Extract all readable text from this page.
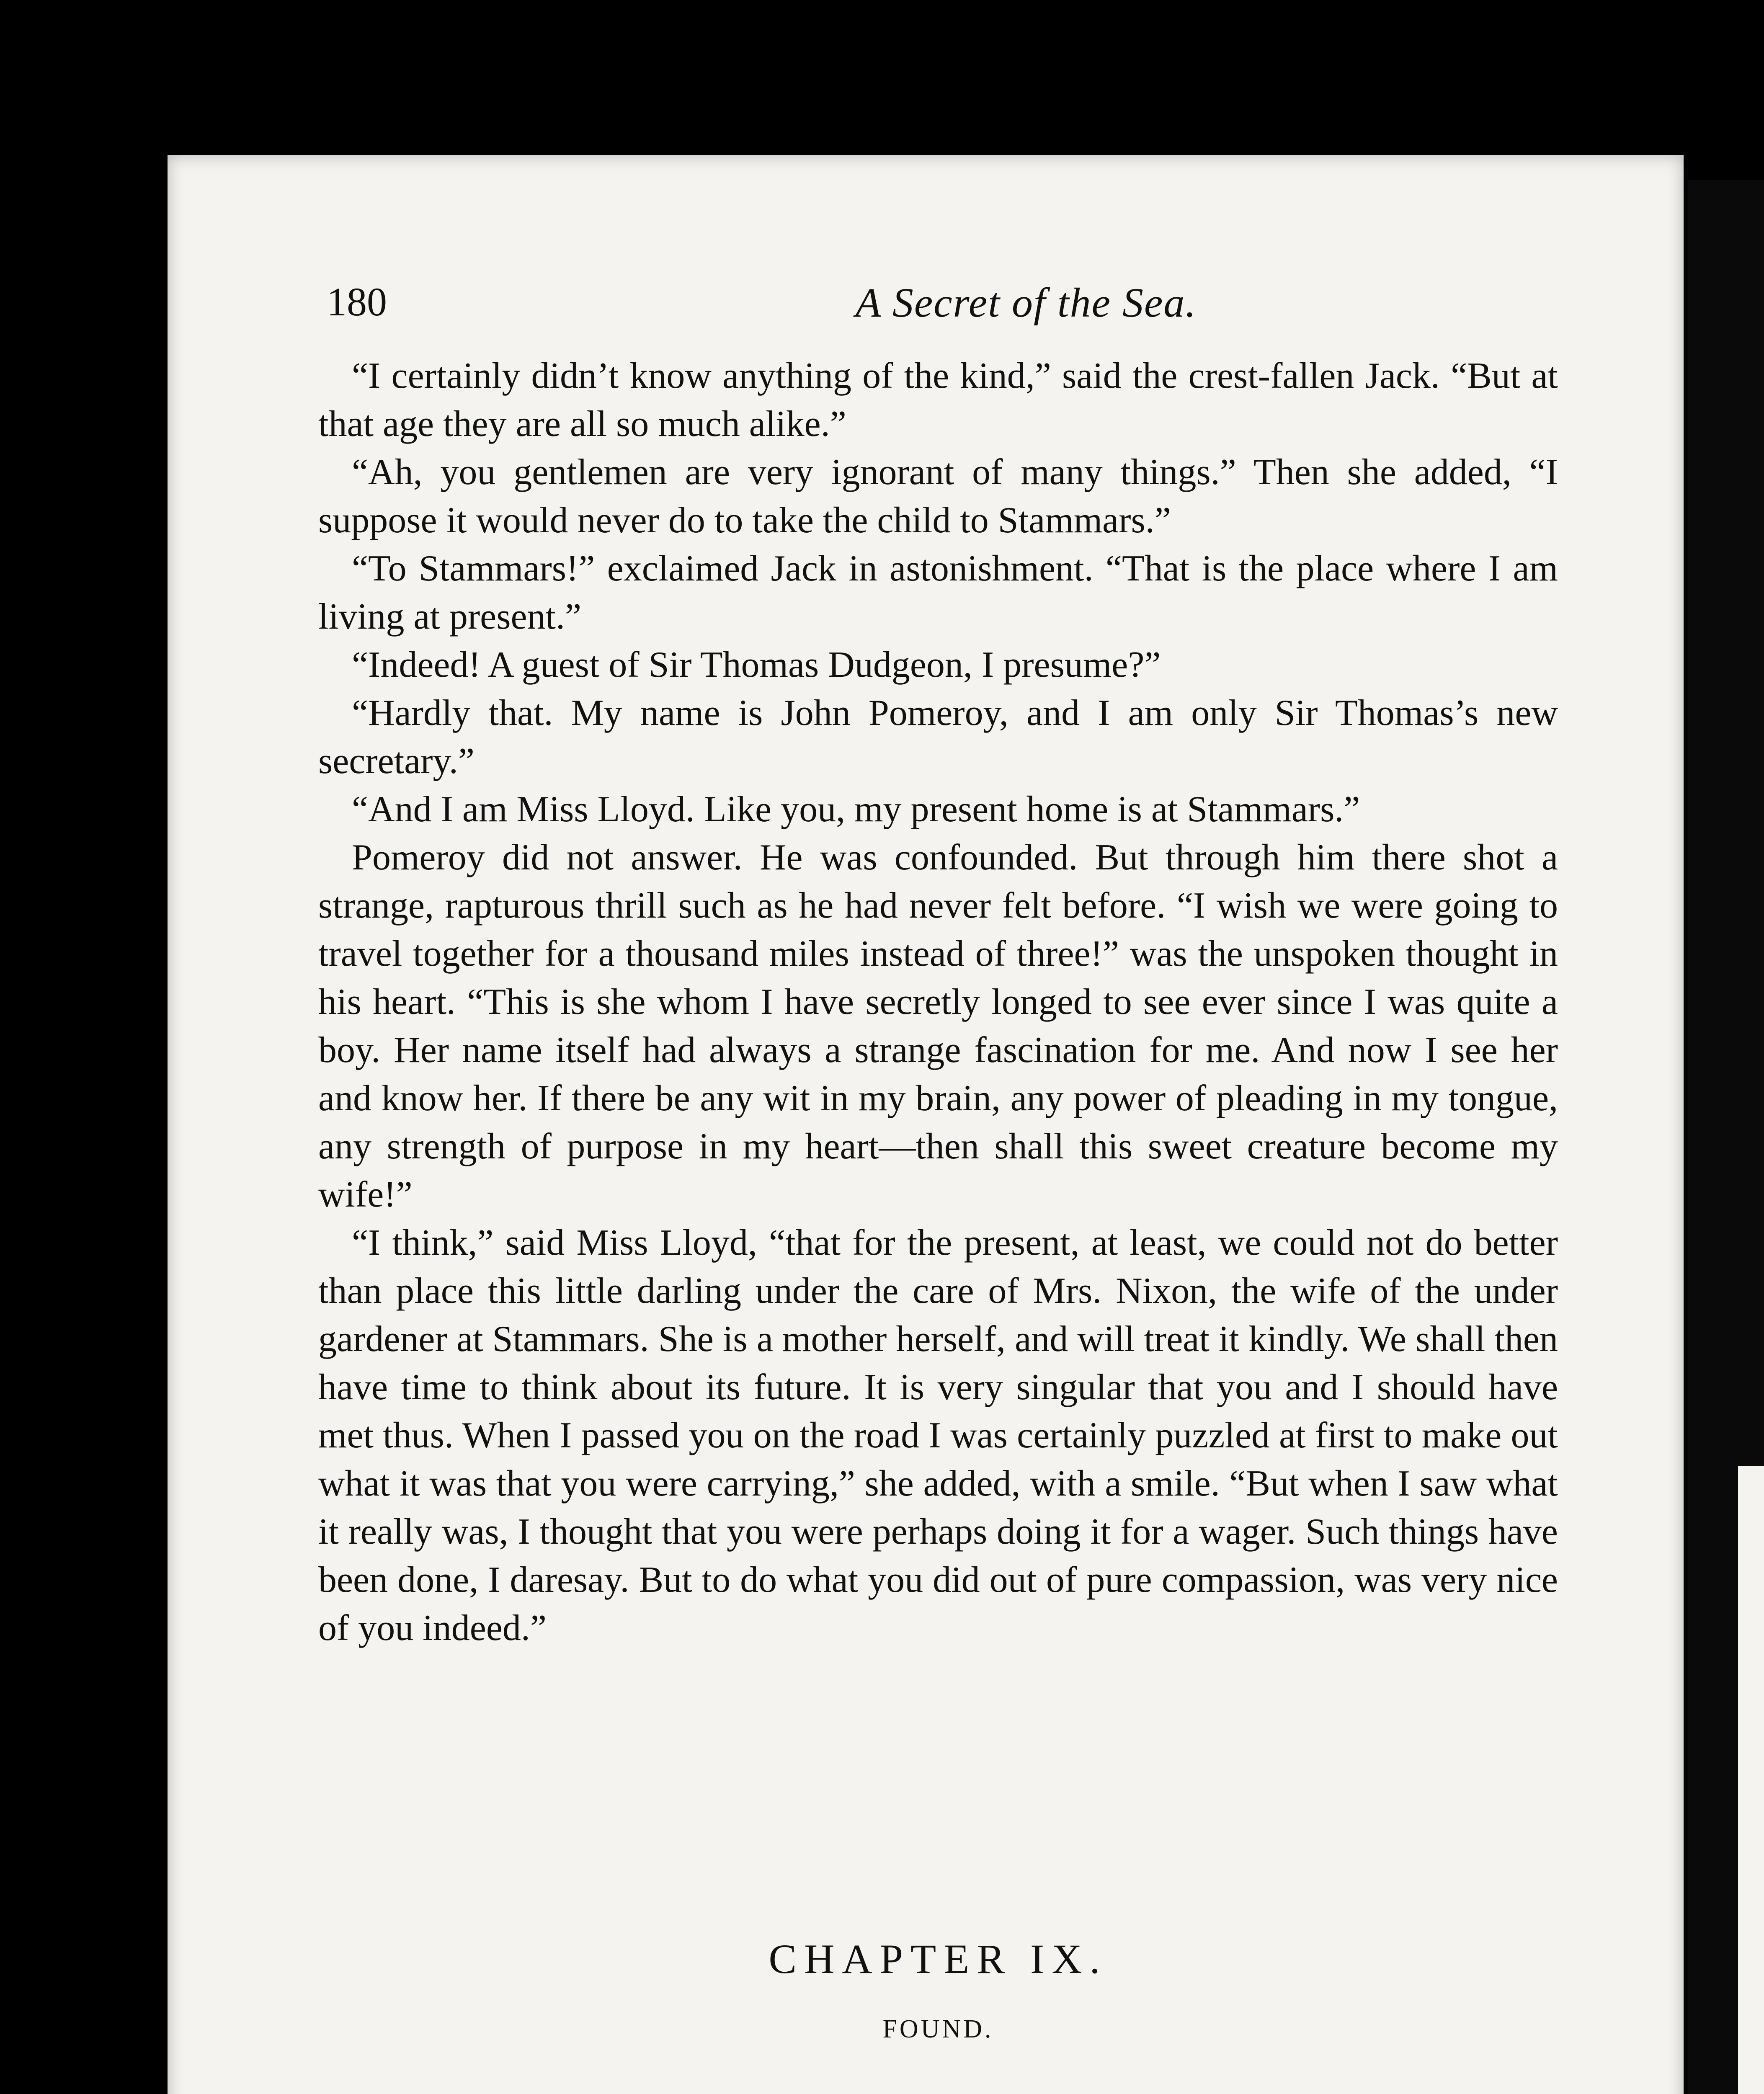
180	A Secret of the Sea.

“I certainly didn’t know anything of the kind,” said the crest-fallen Jack. “But at that age they are all so much alike.”

“Ah, you gentlemen are very ignorant of many things.” Then she added, “I suppose it would never do to take the child to Stammars.”

“To Stammars!” exclaimed Jack in astonishment. “That is the place where I am living at present.”

“Indeed! A guest of Sir Thomas Dudgeon, I presume?”

“Hardly that. My name is John Pomeroy, and I am only Sir Thomas’s new secretary.”

“And I am Miss Lloyd. Like you, my present home is at Stammars.”

Pomeroy did not answer. He was confounded. But through him there shot a strange, rapturous thrill such as he had never felt before. “I wish we were going to travel together for a thousand miles instead of three!” was the unspoken thought in his heart. “This is she whom I have secretly longed to see ever since I was quite a boy. Her name itself had always a strange fascination for me. And now I see her and know her. If there be any wit in my brain, any power of pleading in my tongue, any strength of purpose in my heart—then shall this sweet creature become my wife!”

“I think,” said Miss Lloyd, “that for the present, at least, we could not do better than place this little darling under the care of Mrs. Nixon, the wife of the under gardener at Stammars. She is a mother herself, and will treat it kindly. We shall then have time to think about its future. It is very singular that you and I should have met thus. When I passed you on the road I was certainly puzzled at first to make out what it was that you were carrying,” she added, with a smile. “But when I saw what it really was, I thought that you were perhaps doing it for a wager. Such things have been done, I daresay. But to do what you did out of pure compassion, was very nice of you indeed.”

CHAPTER IX.
FOUND.
